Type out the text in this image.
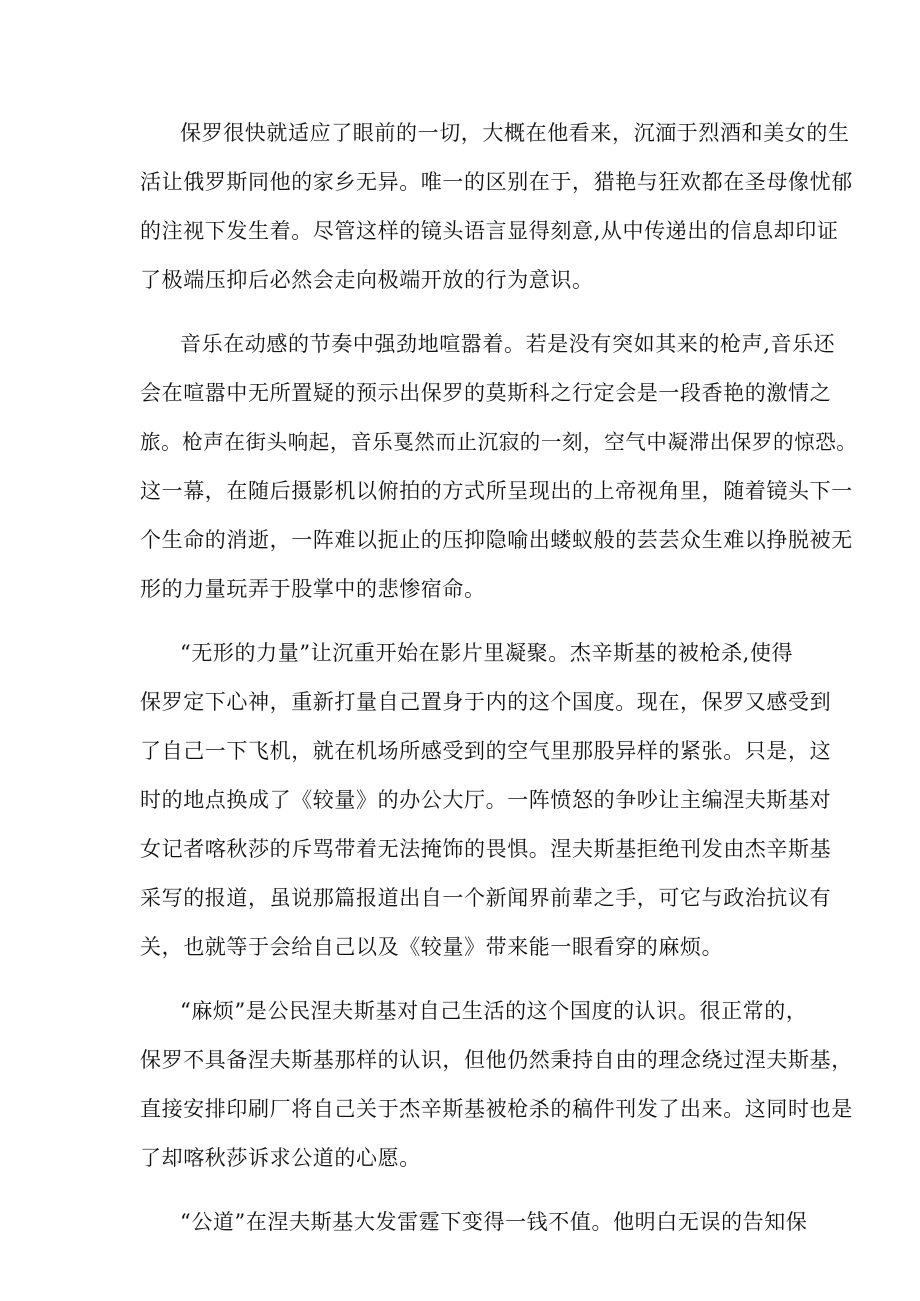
保罗很快就适应了眼前的一切，大概在他看来，沉湎于烈酒和美女的生
活让俄罗斯同他的家乡无异。唯一的区别在于，猎艳与狂欢都在圣母像忧郁
的注视下发生着。尽管这样的镜头语言显得刻意,从中传递出的信息却印证
了极端压抑后必然会走向极端开放的行为意识。
音乐在动感的节奏中强劲地喧嚣着。若是没有突如其来的枪声,音乐还
会在喧嚣中无所置疑的预示出保罗的莫斯科之行定会是一段香艳的激情之
旅。枪声在街头响起，音乐戛然而止沉寂的一刻，空气中凝滞出保罗的惊恐。
这一幕，在随后摄影机以俯拍的方式所呈现出的上帝视角里，随着镜头下一
个生命的消逝，一阵难以扼止的压抑隐喻出蝼蚁般的芸芸众生难以挣脱被无
形的力量玩弄于股掌中的悲惨宿命。
“无形的力量”让沉重开始在影片里凝聚。杰辛斯基的被枪杀,使得
保罗定下心神，重新打量自己置身于内的这个国度。现在，保罗又感受到
了自己一下飞机，就在机场所感受到的空气里那股异样的紧张。只是，这
时的地点换成了《较量》的办公大厅。一阵愤怒的争吵让主编涅夫斯基对
女记者喀秋莎的斥骂带着无法掩饰的畏惧。涅夫斯基拒绝刊发由杰辛斯基
采写的报道，虽说那篇报道出自一个新闻界前辈之手，可它与政治抗议有
关，也就等于会给自己以及《较量》带来能一眼看穿的麻烦。
“麻烦”是公民涅夫斯基对自己生活的这个国度的认识。很正常的，
保罗不具备涅夫斯基那样的认识，但他仍然秉持自由的理念绕过涅夫斯基，
直接安排印刷厂将自己关于杰辛斯基被枪杀的稿件刊发了出来。这同时也是
了却喀秋莎诉求公道的心愿。
“公道”在涅夫斯基大发雷霆下变得一钱不值。他明白无误的告知保
